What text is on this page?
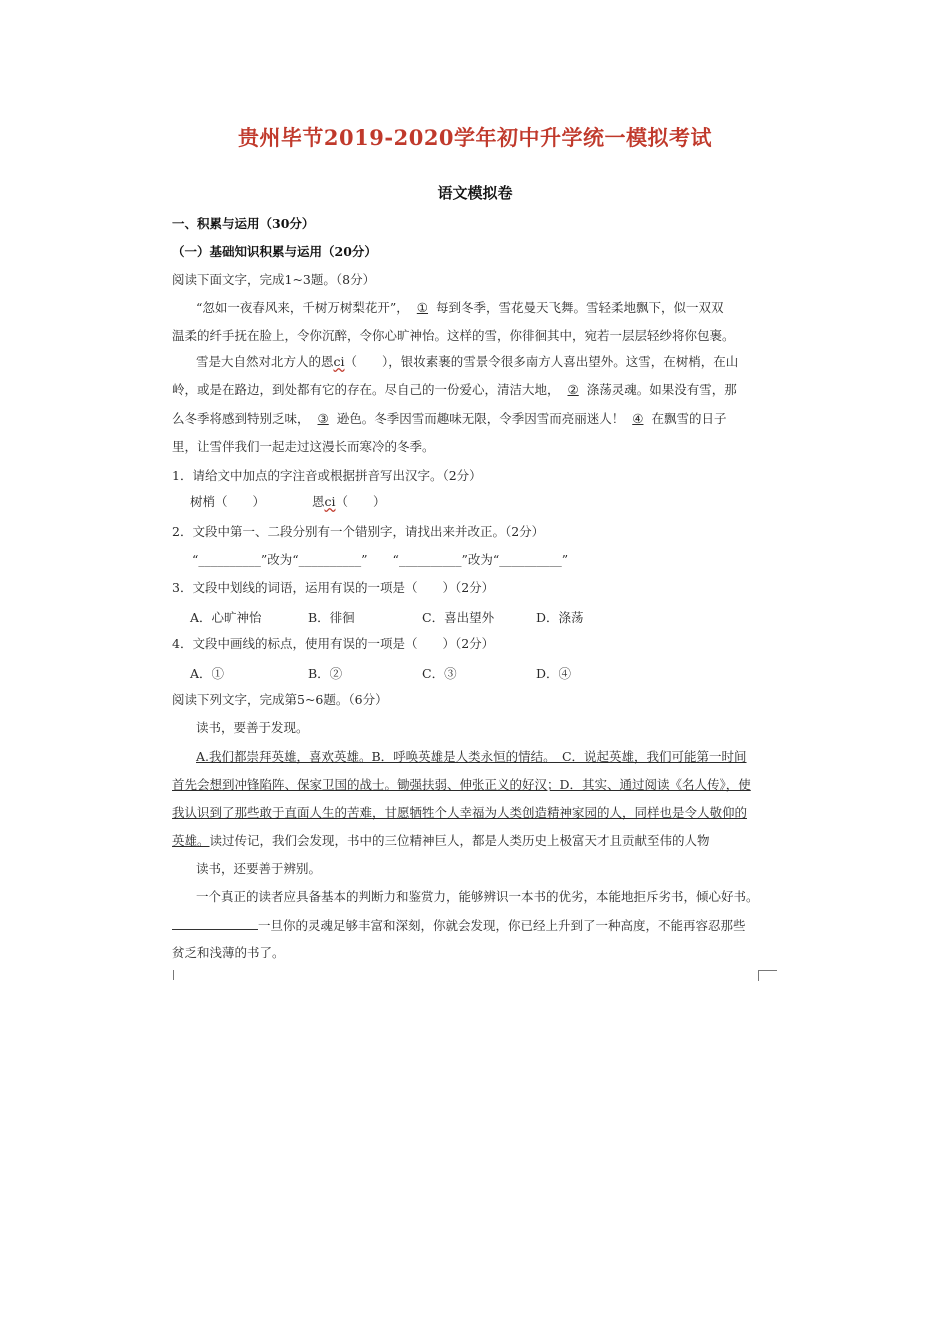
贵州毕节2019-2020学年初中升学统一模拟考试
语文模拟卷
一、积累与运用（30分）
（一）基础知识积累与运用（20分）
阅读下面文字，完成1~3题。（8分）
“忽如一夜春风来，千树万树梨花开”， ① 每到冬季，雪花曼天飞舞。雪轻柔地飘下，似一双双
温柔的纤手抚在脸上，令你沉醉，令你心旷神怡。这样的雪，你徘徊其中，宛若一层层轻纱将你包裹。
雪是大自然对北方人的恩ci（　　），银妆素裹的雪景令很多南方人喜出望外。这雪，在树梢，在山
岭，或是在路边，到处都有它的存在。尽自己的一份爱心，清洁大地， ② 涤荡灵魂。如果没有雪，那
么冬季将感到特别乏味， ③ 逊色。冬季因雪而趣味无限，令季因雪而亮丽迷人！ ④ 在飘雪的日子
里，让雪伴我们一起走过这漫长而寒冷的冬季。
1．请给文中加点的字注音或根据拼音写出汉字。（2分）
树梢（　　）	恩ci（　　）
2．文段中第一、二段分别有一个错别字，请找出来并改正。（2分）
“__________”改为“__________”　　“__________”改为“__________”
3．文段中划线的词语，运用有误的一项是（　　）（2分）
A．心旷神怡	B．徘徊	C．喜出望外	D．涤荡
4．文段中画线的标点，使用有误的一项是（　　）（2分）
A．①	B．②	C．③	D．④
阅读下列文字，完成第5~6题。（6分）
读书，要善于发现。
A.我们都崇拜英雄，喜欢英雄。B．呼唤英雄是人类永恒的情结。　C．说起英雄，我们可能第一时间
首先会想到冲锋陷阵、保家卫国的战士。锄强扶弱、伸张正义的好汉；D．其实、通过阅读《名人传》，使
我认识到了那些敢于直面人生的苦难，甘愿牺牲个人幸福为人类创造精神家园的人，同样也是令人敬仰的
英雄。读过传记，我们会发现，书中的三位精神巨人，都是人类历史上极富天才且贡献至伟的人物
读书，还要善于辨别。
一个真正的读者应具备基本的判断力和鉴赏力，能够辨识一本书的优劣，本能地拒斥劣书，倾心好书。
一旦你的灵魂足够丰富和深刻，你就会发现，你已经上升到了一种高度，不能再容忍那些
贫乏和浅薄的书了。
